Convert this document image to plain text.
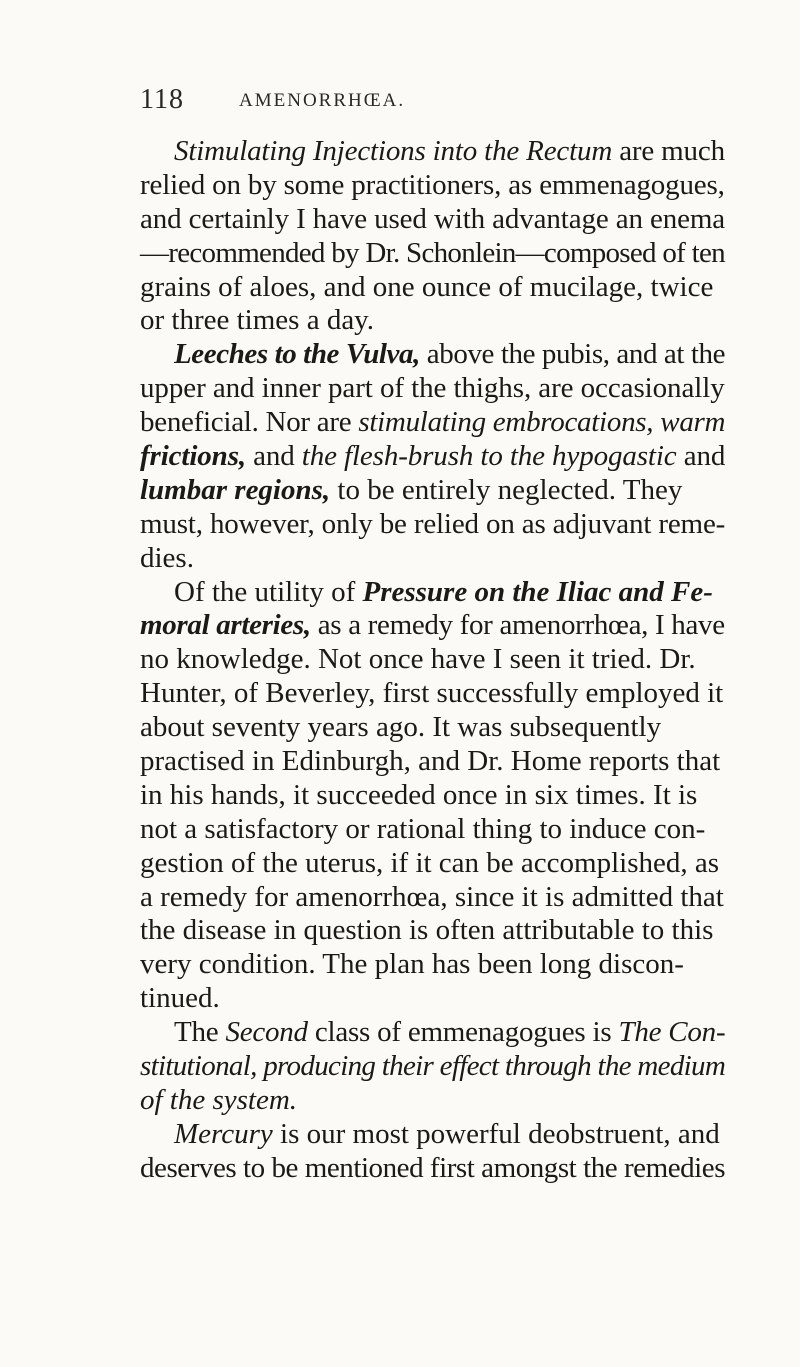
118	AMENORRHŒA.
Stimulating Injections into the Rectum are much
relied on by some practitioners, as emmenagogues,
and certainly I have used with advantage an enema
—recommended by Dr. Schonlein—composed of ten
grains of aloes, and one ounce of mucilage, twice
or three times a day.
Leeches to the Vulva, above the pubis, and at the
upper and inner part of the thighs, are occasionally
beneficial. Nor are stimulating embrocations, warm
frictions, and the flesh-brush to the hypogastic and
lumbar regions, to be entirely neglected. They
must, however, only be relied on as adjuvant reme-
dies.
Of the utility of Pressure on the Iliac and Fe-
moral arteries, as a remedy for amenorrhœa, I have
no knowledge. Not once have I seen it tried. Dr.
Hunter, of Beverley, first successfully employed it
about seventy years ago. It was subsequently
practised in Edinburgh, and Dr. Home reports that
in his hands, it succeeded once in six times. It is
not a satisfactory or rational thing to induce con-
gestion of the uterus, if it can be accomplished, as
a remedy for amenorrhœa, since it is admitted that
the disease in question is often attributable to this
very condition. The plan has been long discon-
tinued.
The Second class of emmenagogues is The Con-
stitutional, producing their effect through the medium
of the system.
Mercury is our most powerful deobstruent, and
deserves to be mentioned first amongst the remedies
